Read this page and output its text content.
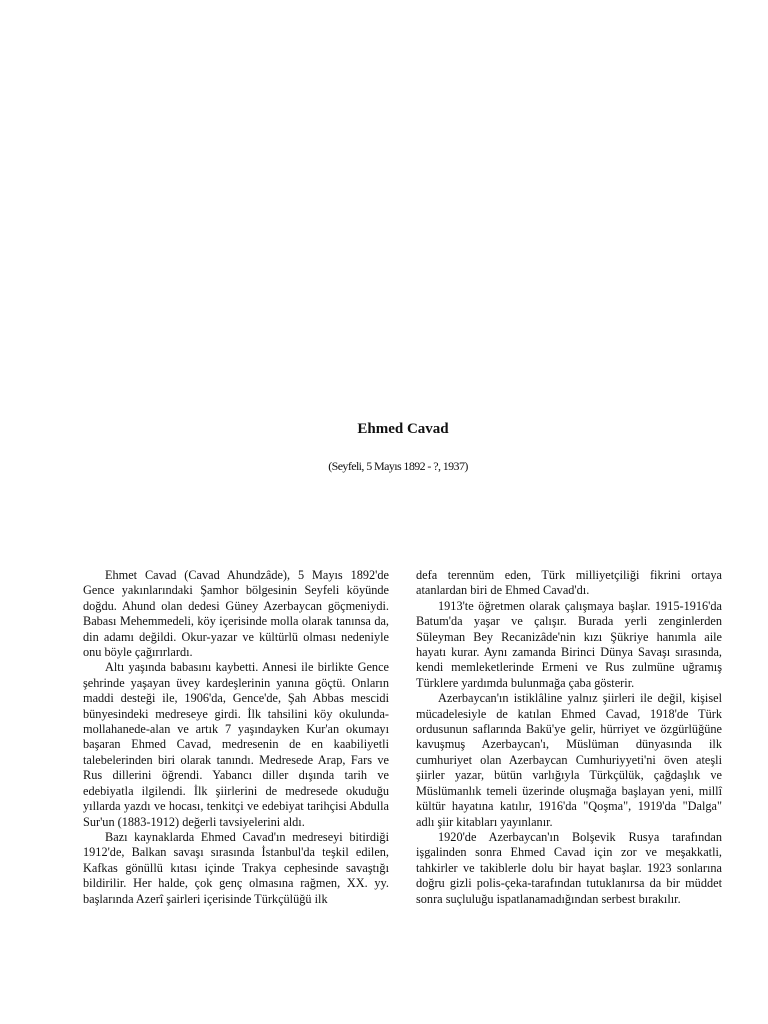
Ehmed Cavad
(Seyfeli, 5 Mayıs 1892 - ?, 1937)

Ehmet Cavad (Cavad Ahundzâde), 5 Mayıs 1892'de Gence yakınlarındaki Şamhor bölgesinin Seyfeli köyünde doğdu. Ahund olan dedesi Güney Azerbaycan göçmeniydi. Babası Mehemmedeli, köy içerisinde molla olarak tanınsa da, din adamı değildi. Okur-yazar ve kültürlü olması nedeniyle onu böyle çağırırlardı.

Altı yaşında babasını kaybetti. Annesi ile birlikte Gence şehrinde yaşayan üvey kardeşlerinin yanına göçtü. Onların maddi desteği ile, 1906'da, Gence'de, Şah Abbas mescidi bünyesindeki medreseye girdi. İlk tahsilini köy okulunda-mollahanede-alan ve artık 7 yaşındayken Kur'an okumayı başaran Ehmed Cavad, medresenin de en kaabiliyetli talebelerinden biri olarak tanındı. Medresede Arap, Fars ve Rus dillerini öğrendi. Yabancı diller dışında tarih ve edebiyatla ilgilendi. İlk şiirlerini de medresede okuduğu yıllarda yazdı ve hocası, tenkitçi ve edebiyat tarihçisi Abdulla Sur'un (1883-1912) değerli tavsiyelerini aldı.

Bazı kaynaklarda Ehmed Cavad'ın medreseyi bitirdiği 1912'de, Balkan savaşı sırasında İstanbul'da teşkil edilen, Kafkas gönüllü kıtası içinde Trakya cephesinde savaştığı bildirilir. Her halde, çok genç olmasına rağmen, XX. yy. başlarında Azerî şairleri içerisinde Türkçülüğü ilk

defa terennüm eden, Türk milliyetçiliği fikrini ortaya atanlardan biri de Ehmed Cavad'dı.

1913'te öğretmen olarak çalışmaya başlar. 1915-1916'da Batum'da yaşar ve çalışır. Burada yerli zenginlerden Süleyman Bey Recanizâde'nin kızı Şükriye hanımla aile hayatı kurar. Aynı zamanda Birinci Dünya Savaşı sırasında, kendi memleketlerinde Ermeni ve Rus zulmüne uğramış Türklere yardımda bulunmağa çaba gösterir.

Azerbaycan'ın istiklâline yalnız şiirleri ile değil, kişisel mücadelesiyle de katılan Ehmed Cavad, 1918'de Türk ordusunun saflarında Bakü'ye gelir, hürriyet ve özgürlüğüne kavuşmuş Azerbaycan'ı, Müslüman dünyasında ilk cumhuriyet olan Azerbaycan Cumhuriyyeti'ni öven ateşli şiirler yazar, bütün varlığıyla Türkçülük, çağdaşlık ve Müslümanlık temeli üzerinde oluşmağa başlayan yeni, millî kültür hayatına katılır, 1916'da "Qoşma", 1919'da "Dalga" adlı şiir kitabları yayınlanır.

1920'de Azerbaycan'ın Bolşevik Rusya tarafından işgalinden sonra Ehmed Cavad için zor ve meşakkatli, tahkirler ve takiblerle dolu bir hayat başlar. 1923 sonlarına doğru gizli polis-çeka-tarafından tutuklanırsa da bir müddet sonra suçluluğu ispatlanamadığından serbest bırakılır.
